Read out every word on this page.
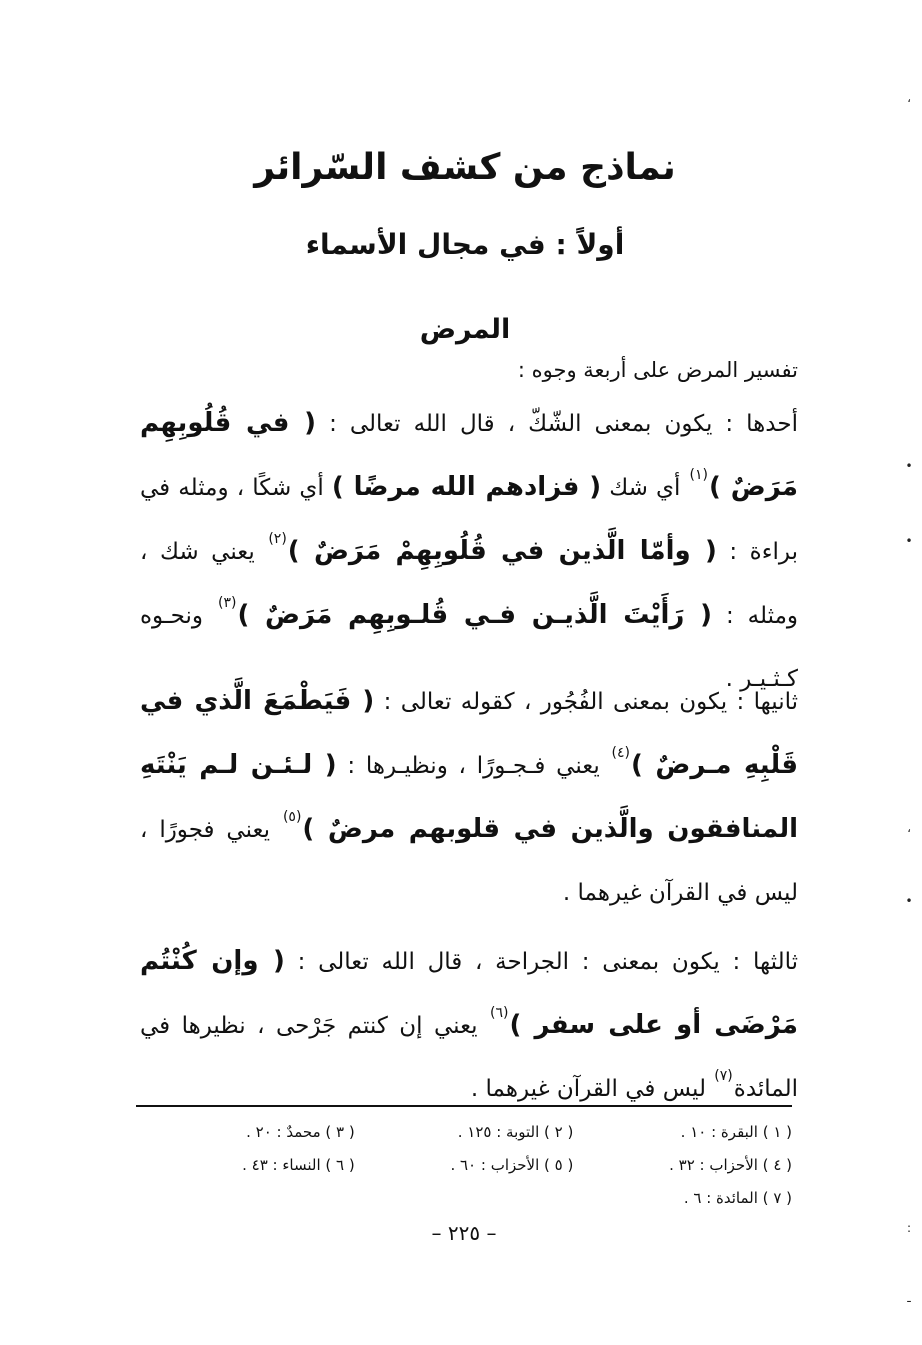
نماذج من كشف السّرائر
أولاً : في مجال الأسماء
المرض
تفسير المرض على أربعة وجوه :
أحدها : يكون بمعنى الشّكّ ، قال الله تعالى : ( في قُلُوبِهِم مَرَضٌ )$^{(١)}$ أي شك ( فزادهم الله مرضًا ) أي شكًا ، ومثله في براءة : ( وأمّا الَّذين في قُلُوبِهِمْ مَرَضٌ )$^{(٢)}$ يعني شك ، ومثله : ( رَأَيْتَ الَّذيـن فـي قُلـوبِهِم مَرَضٌ )$^{(٣)}$ ونحـوه كـثـيـر .
ثانيها : يكون بمعنى الفُجُور ، كقوله تعالى : ( فَيَطْمَعَ الَّذي في قَلْبِهِ مـرضٌ )$^{(٤)}$ يعني فـجـورًا ، ونظيـرها : ( لـئـن لـم يَنْتَهِ المنافقون والَّذين في قلوبهم مرضٌ )$^{(٥)}$ يعني فجورًا ، ليس في القرآن غيرهما .
ثالثها : يكون بمعنى : الجراحة ، قال الله تعالى : ( وإن كُنْتُم مَرْضَى أو على سفر )$^{(٦)}$ يعني إن كنتم جَرْحى ، نظيرها في المائدة$^{(٧)}$ ليس في القرآن غيرهما .
( ١ ) البقرة : ١٠ .
( ٢ ) التوبة : ١٢٥ .
( ٣ ) محمدٌ : ٢٠ .
( ٤ ) الأحزاب : ٣٢ .
( ٥ ) الأحزاب : ٦٠ .
( ٦ ) النساء : ٤٣ .
( ٧ ) المائدة : ٦ .
– ٢٢٥ –
،
•
•
،
•
:
ـ
